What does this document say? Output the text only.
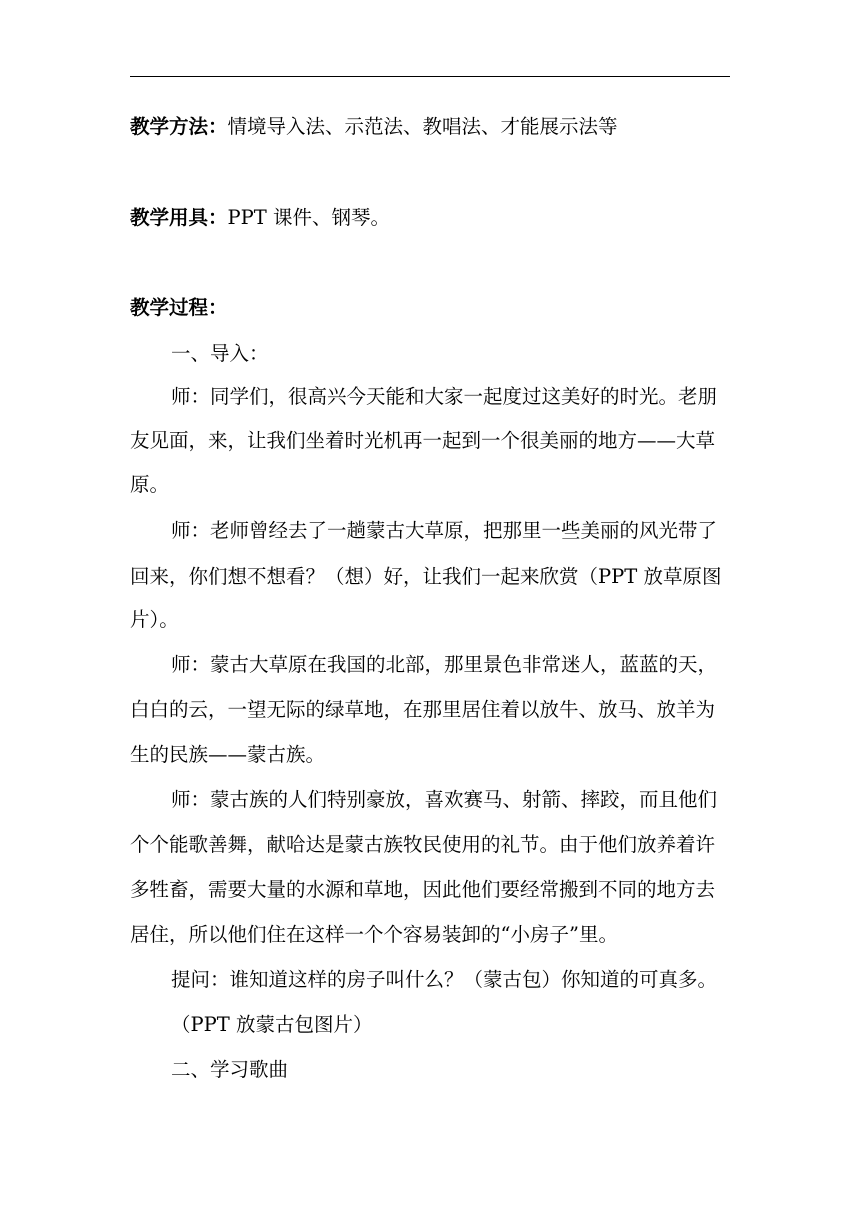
教学方法：情境导入法、示范法、教唱法、才能展示法等
教学用具：PPT 课件、钢琴。
教学过程：
一、导入：
师：同学们，很高兴今天能和大家一起度过这美好的时光。老朋
友见面，来，让我们坐着时光机再一起到一个很美丽的地方——大草
原。
师：老师曾经去了一趟蒙古大草原，把那里一些美丽的风光带了
回来，你们想不想看？（想）好，让我们一起来欣赏（PPT 放草原图
片）。
师：蒙古大草原在我国的北部，那里景色非常迷人，蓝蓝的天，
白白的云，一望无际的绿草地，在那里居住着以放牛、放马、放羊为
生的民族——蒙古族。
师：蒙古族的人们特别豪放，喜欢赛马、射箭、摔跤，而且他们
个个能歌善舞，献哈达是蒙古族牧民使用的礼节。由于他们放养着许
多牲畜，需要大量的水源和草地，因此他们要经常搬到不同的地方去
居住，所以他们住在这样一个个容易装卸的“小房子”里。
提问：谁知道这样的房子叫什么？（蒙古包）你知道的可真多。
（PPT 放蒙古包图片）
二、学习歌曲
